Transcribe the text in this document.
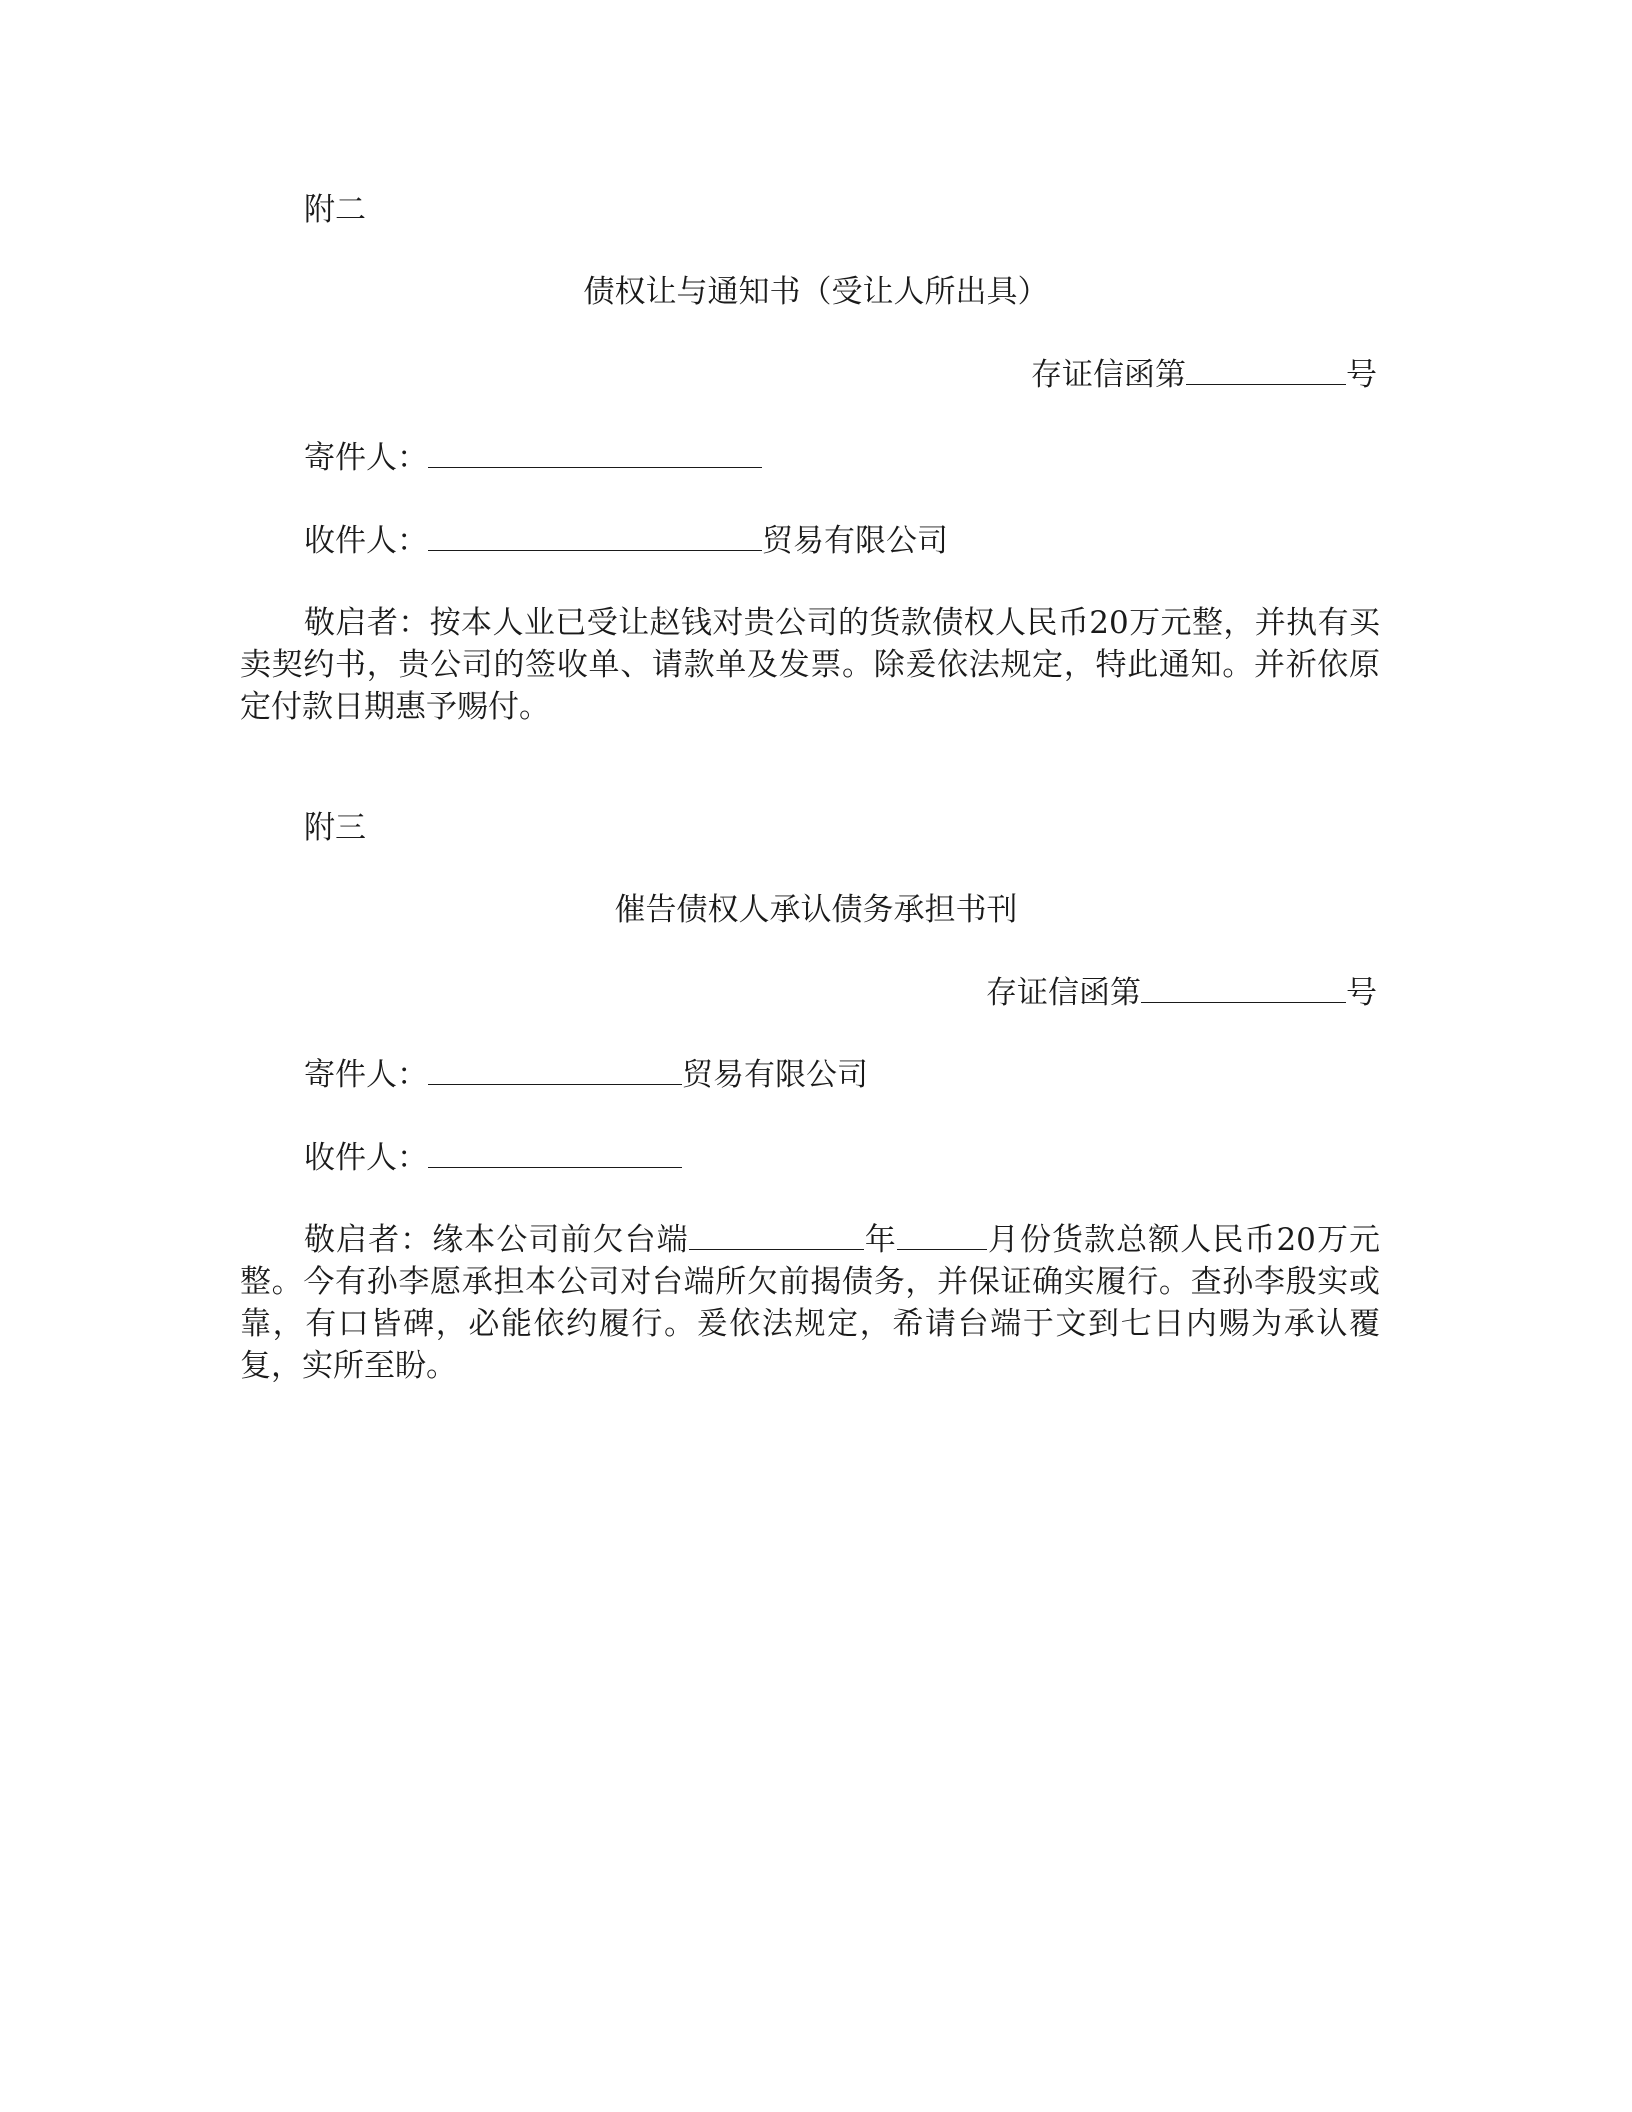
附二
债权让与通知书（受让人所出具）
存证信函第	号
寄件人：
收件人：	贸易有限公司
敬启者：按本人业已受让赵钱对贵公司的货款债权人民币20万元整，并执有买卖契约书，贵公司的签收单、请款单及发票。除爰依法规定，特此通知。并祈依原定付款日期惠予赐付。
附三
催告债权人承认债务承担书刊
存证信函第	号
寄件人：	贸易有限公司
收件人：
敬启者：缘本公司前欠台端	年	月份货款总额人民币20万元整。今有孙李愿承担本公司对台端所欠前揭债务，并保证确实履行。查孙李殷实或靠，有口皆碑，必能依约履行。爰依法规定，希请台端于文到七日内赐为承认覆复，实所至盼。
